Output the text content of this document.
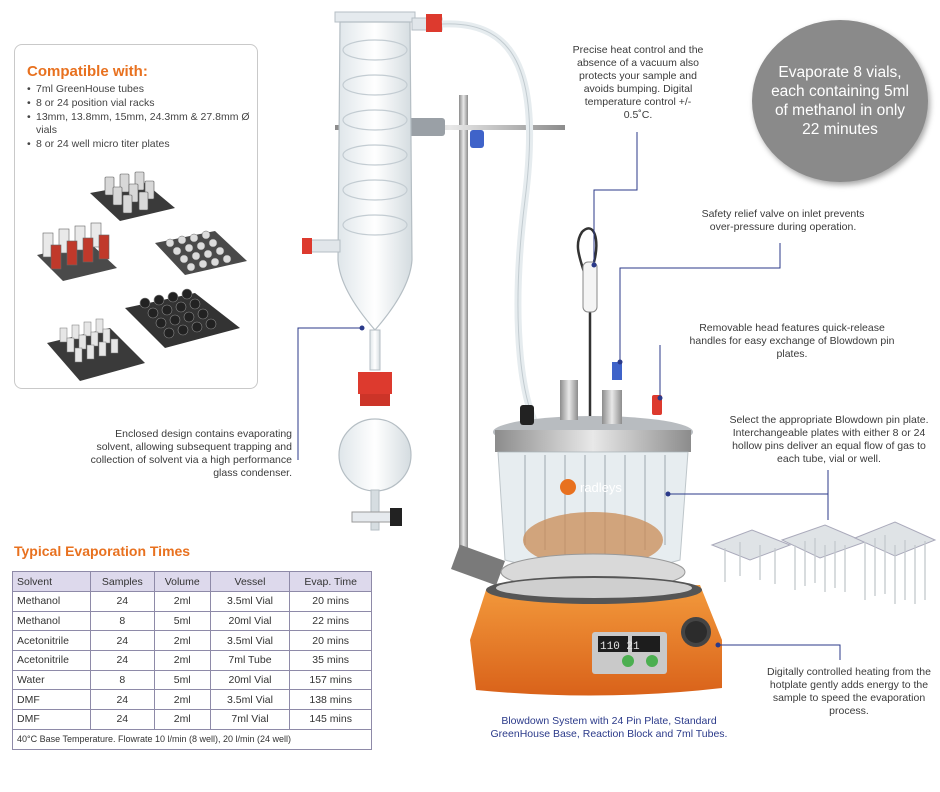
Compatible with:
• 7ml GreenHouse tubes
• 8 or 24 position vial racks
• 13mm, 13.8mm, 15mm, 24.3mm & 27.8mm Ø vials
• 8 or 24 well micro titer plates
radleys
110 21
Precise heat control and the absence of a vacuum also protects your sample and avoids bumping. Digital temperature control +/- 0.5˚C.
Safety relief valve on inlet prevents over-pressure during operation.
Removable head features quick-release handles for easy exchange of Blowdown pin plates.
Select the appropriate Blowdown pin plate. Interchangeable plates with either 8 or 24 hollow pins deliver an equal flow of gas to each tube, vial or well.
Enclosed design contains evaporating solvent, allowing subsequent trapping and collection of solvent via a high performance glass condenser.
Digitally controlled heating from the hotplate gently adds energy to the sample to speed the evaporation process.
Evaporate 8 vials, each containing 5ml of methanol in only 22 minutes
Typical Evaporation Times
Solvent	Samples	Volume	Vessel	Evap. Time
Methanol	24	2ml	3.5ml Vial	20 mins
Methanol	8	5ml	20ml Vial	22 mins
Acetonitrile	24	2ml	3.5ml Vial	20 mins
Acetonitrile	24	2ml	7ml Tube	35 mins
Water	8	5ml	20ml Vial	157 mins
DMF	24	2ml	3.5ml Vial	138 mins
DMF	24	2ml	7ml Vial	145 mins
40°C Base Temperature. Flowrate 10 l/min (8 well), 20 l/min (24 well)				
Blowdown System with 24 Pin Plate, Standard GreenHouse Base, Reaction Block and 7ml Tubes.
